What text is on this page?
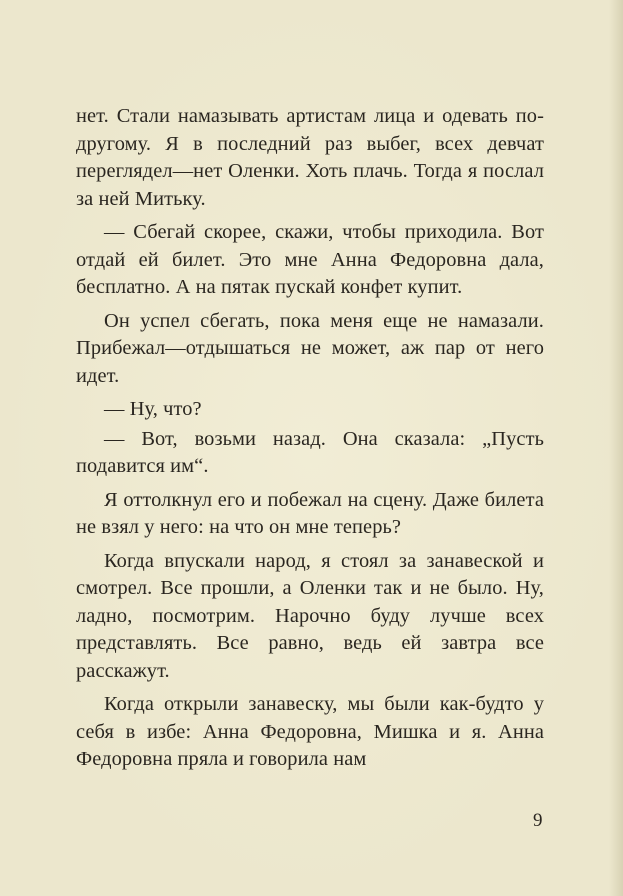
нет. Стали намазывать артистам лица и одевать по-другому. Я в последний раз выбег, всех девчат переглядел—нет Оленки. Хоть плачь. Тогда я послал за ней Митьку.

— Сбегай скорее, скажи, чтобы приходила. Вот отдай ей билет. Это мне Анна Федоровна дала, бесплатно. А на пятак пускай конфет купит.

Он успел сбегать, пока меня еще не намазали. Прибежал—отдышаться не может, аж пар от него идет.

— Ну, что?

— Вот, возьми назад. Она сказала: „Пусть подавится им“.

Я оттолкнул его и побежал на сцену. Даже билета не взял у него: на что он мне теперь?

Когда впускали народ, я стоял за занавеской и смотрел. Все прошли, а Оленки так и не было. Ну, ладно, посмотрим. Нарочно буду лучше всех представлять. Все равно, ведь ей завтра все расскажут.

Когда открыли занавеску, мы были как-будто у себя в избе: Анна Федоровна, Мишка и я. Анна Федоровна пряла и говорила нам

9
